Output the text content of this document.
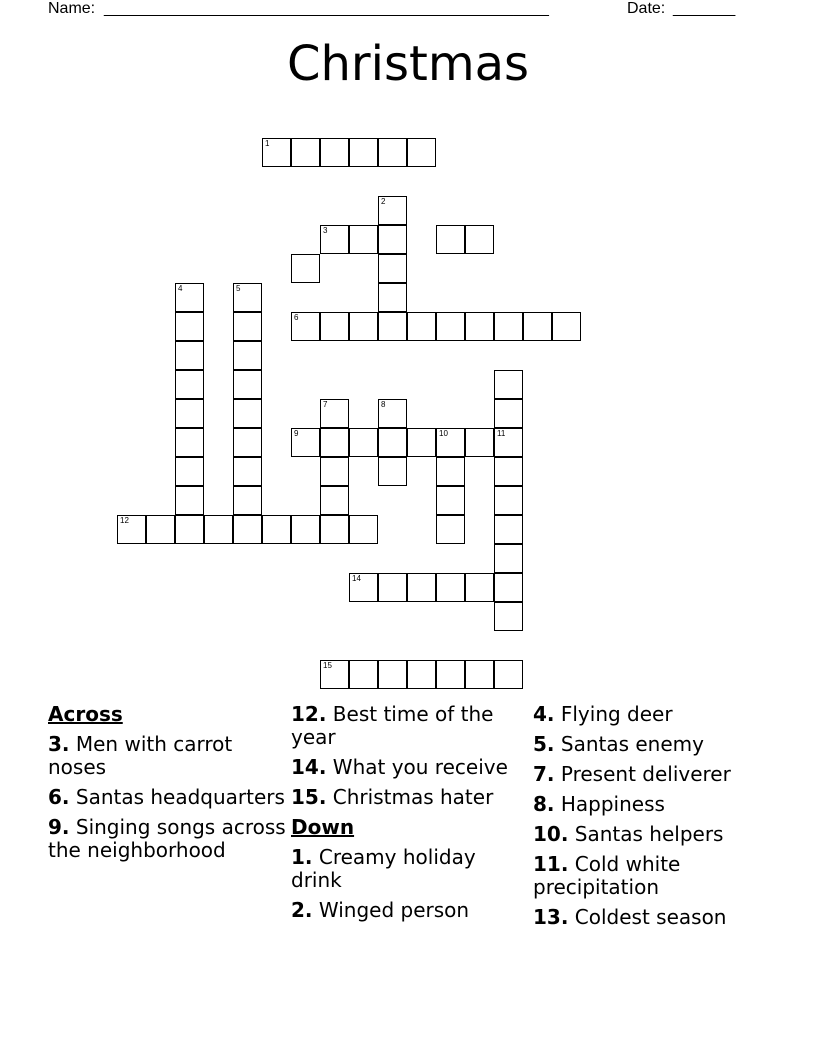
Name: __________________________________________________	Date: _______
Christmas
1
2
3
4	5
6
7	8
9	10	11
12
14
15
Across
3. Men with carrot noses
6. Santas headquarters
9. Singing songs across the neighborhood
12. Best time of the year
14. What you receive
15. Christmas hater
Down
1. Creamy holiday drink
2. Winged person
4. Flying deer
5. Santas enemy
7. Present deliverer
8. Happiness
10. Santas helpers
11. Cold white precipitation
13. Coldest season
